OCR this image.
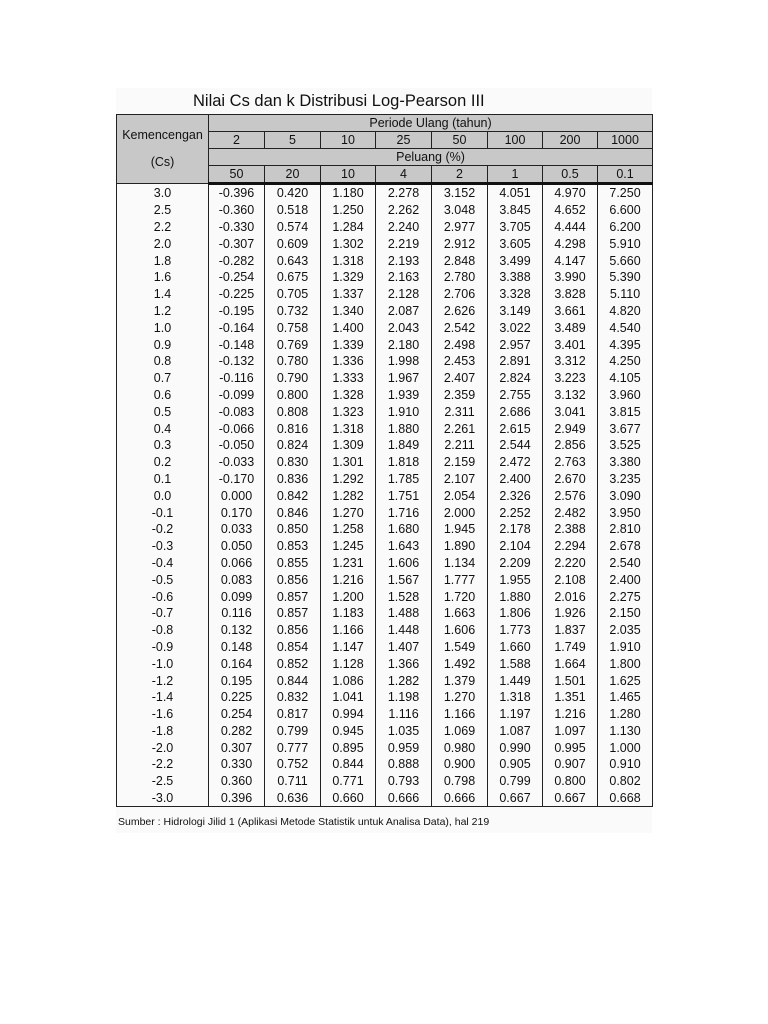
Nilai Cs dan k Distribusi Log-Pearson III
Kemencengan
(Cs)	Periode Ulang (tahun)							
	2	5	10	25	50	100	200	1000
	Peluang (%)							
	50	20	10	4	2	1	0.5	0.1
3.0	-0.396	0.420	1.180	2.278	3.152	4.051	4.970	7.250
2.5	-0.360	0.518	1.250	2.262	3.048	3.845	4.652	6.600
2.2	-0.330	0.574	1.284	2.240	2.977	3.705	4.444	6.200
2.0	-0.307	0.609	1.302	2.219	2.912	3.605	4.298	5.910
1.8	-0.282	0.643	1.318	2.193	2.848	3.499	4.147	5.660
1.6	-0.254	0.675	1.329	2.163	2.780	3.388	3.990	5.390
1.4	-0.225	0.705	1.337	2.128	2.706	3.328	3.828	5.110
1.2	-0.195	0.732	1.340	2.087	2.626	3.149	3.661	4.820
1.0	-0.164	0.758	1.400	2.043	2.542	3.022	3.489	4.540
0.9	-0.148	0.769	1.339	2.180	2.498	2.957	3.401	4.395
0.8	-0.132	0.780	1.336	1.998	2.453	2.891	3.312	4.250
0.7	-0.116	0.790	1.333	1.967	2.407	2.824	3.223	4.105
0.6	-0.099	0.800	1.328	1.939	2.359	2.755	3.132	3.960
0.5	-0.083	0.808	1.323	1.910	2.311	2.686	3.041	3.815
0.4	-0.066	0.816	1.318	1.880	2.261	2.615	2.949	3.677
0.3	-0.050	0.824	1.309	1.849	2.211	2.544	2.856	3.525
0.2	-0.033	0.830	1.301	1.818	2.159	2.472	2.763	3.380
0.1	-0.170	0.836	1.292	1.785	2.107	2.400	2.670	3.235
0.0	0.000	0.842	1.282	1.751	2.054	2.326	2.576	3.090
-0.1	0.170	0.846	1.270	1.716	2.000	2.252	2.482	3.950
-0.2	0.033	0.850	1.258	1.680	1.945	2.178	2.388	2.810
-0.3	0.050	0.853	1.245	1.643	1.890	2.104	2.294	2.678
-0.4	0.066	0.855	1.231	1.606	1.134	2.209	2.220	2.540
-0.5	0.083	0.856	1.216	1.567	1.777	1.955	2.108	2.400
-0.6	0.099	0.857	1.200	1.528	1.720	1.880	2.016	2.275
-0.7	0.116	0.857	1.183	1.488	1.663	1.806	1.926	2.150
-0.8	0.132	0.856	1.166	1.448	1.606	1.773	1.837	2.035
-0.9	0.148	0.854	1.147	1.407	1.549	1.660	1.749	1.910
-1.0	0.164	0.852	1.128	1.366	1.492	1.588	1.664	1.800
-1.2	0.195	0.844	1.086	1.282	1.379	1.449	1.501	1.625
-1.4	0.225	0.832	1.041	1.198	1.270	1.318	1.351	1.465
-1.6	0.254	0.817	0.994	1.116	1.166	1.197	1.216	1.280
-1.8	0.282	0.799	0.945	1.035	1.069	1.087	1.097	1.130
-2.0	0.307	0.777	0.895	0.959	0.980	0.990	0.995	1.000
-2.2	0.330	0.752	0.844	0.888	0.900	0.905	0.907	0.910
-2.5	0.360	0.711	0.771	0.793	0.798	0.799	0.800	0.802
-3.0	0.396	0.636	0.660	0.666	0.666	0.667	0.667	0.668
Sumber : Hidrologi Jilid 1 (Aplikasi Metode Statistik untuk Analisa Data), hal 219
